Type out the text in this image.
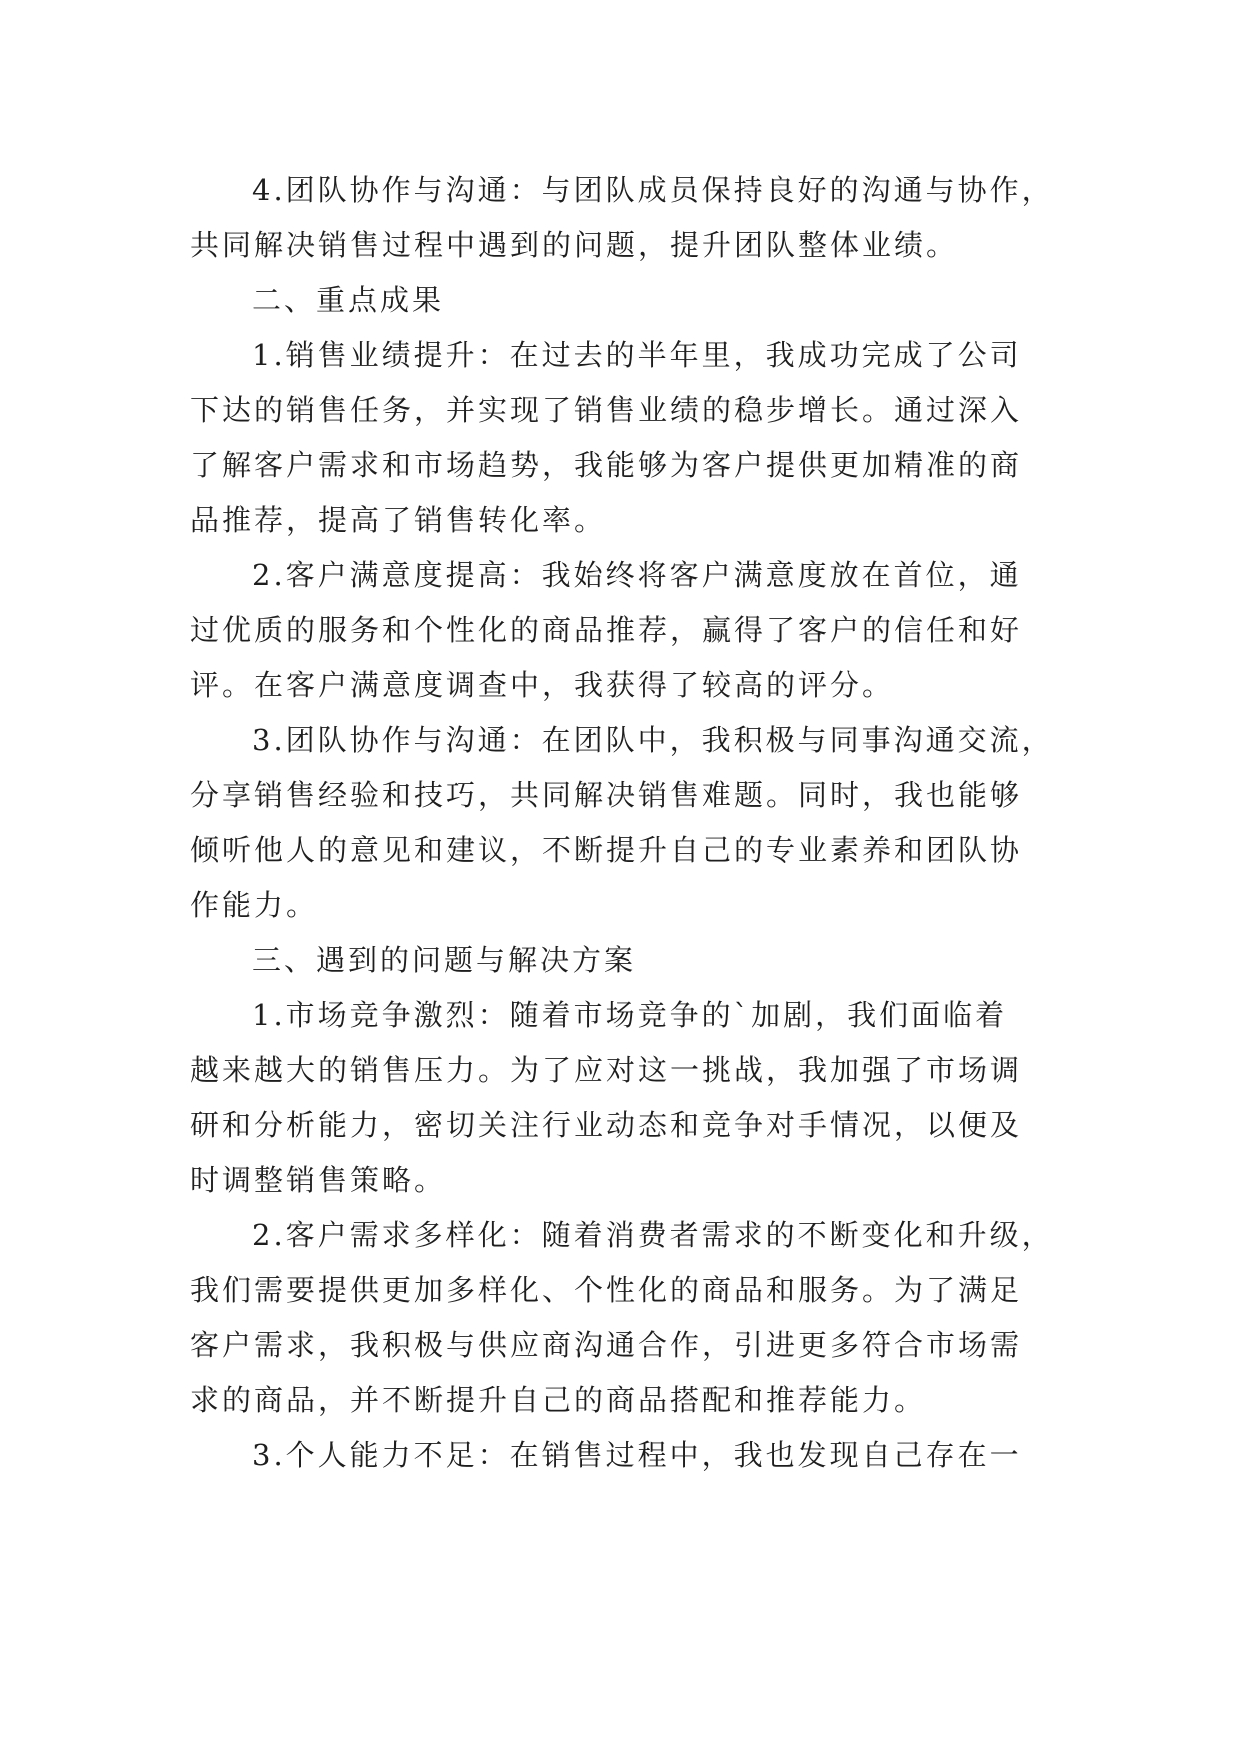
4.团队协作与沟通：与团队成员保持良好的沟通与协作，
共同解决销售过程中遇到的问题，提升团队整体业绩。
二、重点成果
1.销售业绩提升：在过去的半年里，我成功完成了公司
下达的销售任务，并实现了销售业绩的稳步增长。通过深入
了解客户需求和市场趋势，我能够为客户提供更加精准的商
品推荐，提高了销售转化率。
2.客户满意度提高：我始终将客户满意度放在首位，通
过优质的服务和个性化的商品推荐，赢得了客户的信任和好
评。在客户满意度调查中，我获得了较高的评分。
3.团队协作与沟通：在团队中，我积极与同事沟通交流，
分享销售经验和技巧，共同解决销售难题。同时，我也能够
倾听他人的意见和建议，不断提升自己的专业素养和团队协
作能力。
三、遇到的问题与解决方案
1.市场竞争激烈：随着市场竞争的`加剧，我们面临着
越来越大的销售压力。为了应对这一挑战，我加强了市场调
研和分析能力，密切关注行业动态和竞争对手情况，以便及
时调整销售策略。
2.客户需求多样化：随着消费者需求的不断变化和升级，
我们需要提供更加多样化、个性化的商品和服务。为了满足
客户需求，我积极与供应商沟通合作，引进更多符合市场需
求的商品，并不断提升自己的商品搭配和推荐能力。
3.个人能力不足：在销售过程中，我也发现自己存在一
